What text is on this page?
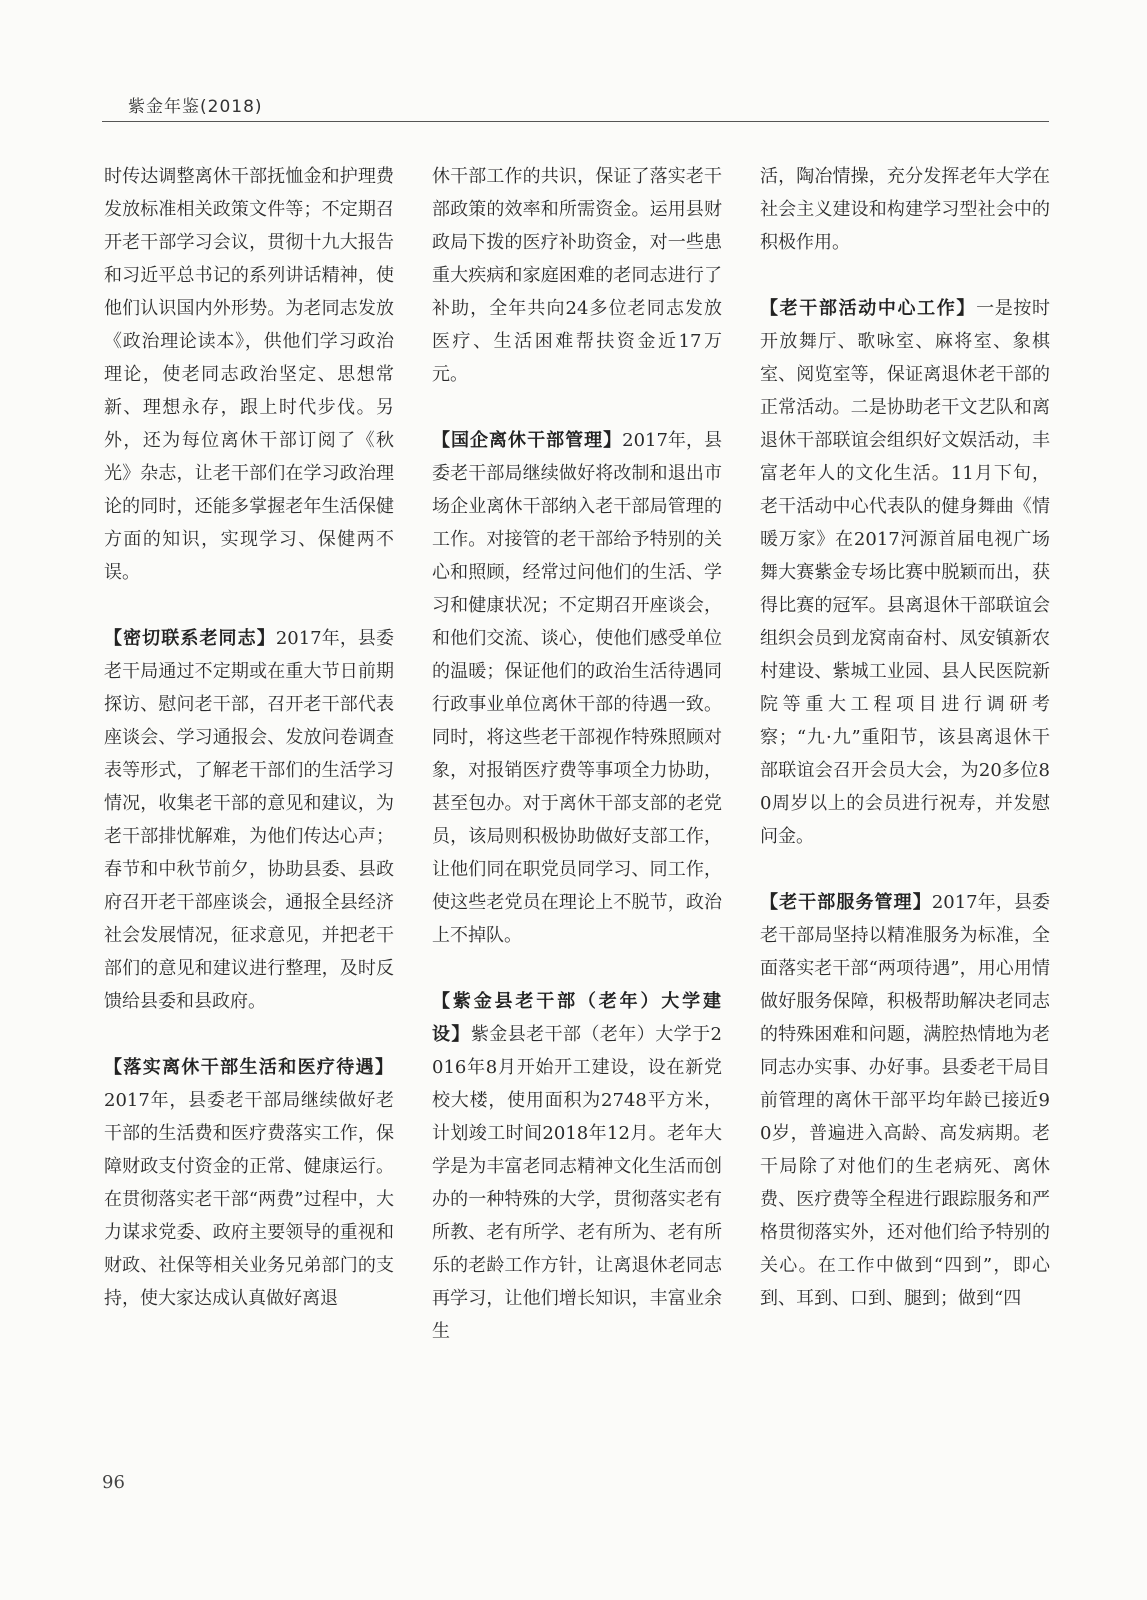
紫金年鉴(2018)

时传达调整离休干部抚恤金和护理费发放标准相关政策文件等；不定期召开老干部学习会议，贯彻十九大报告和习近平总书记的系列讲话精神，使他们认识国内外形势。为老同志发放《政治理论读本》，供他们学习政治理论，使老同志政治坚定、思想常新、理想永存，跟上时代步伐。另外，还为每位离休干部订阅了《秋光》杂志，让老干部们在学习政治理论的同时，还能多掌握老年生活保健方面的知识，实现学习、保健两不误。

【密切联系老同志】2017年，县委老干局通过不定期或在重大节日前期探访、慰问老干部，召开老干部代表座谈会、学习通报会、发放问卷调查表等形式，了解老干部们的生活学习情况，收集老干部的意见和建议，为老干部排忧解难，为他们传达心声；春节和中秋节前夕，协助县委、县政府召开老干部座谈会，通报全县经济社会发展情况，征求意见，并把老干部们的意见和建议进行整理，及时反馈给县委和县政府。

【落实离休干部生活和医疗待遇】2017年，县委老干部局继续做好老干部的生活费和医疗费落实工作，保障财政支付资金的正常、健康运行。在贯彻落实老干部“两费”过程中，大力谋求党委、政府主要领导的重视和财政、社保等相关业务兄弟部门的支持，使大家达成认真做好离退

休干部工作的共识，保证了落实老干部政策的效率和所需资金。运用县财政局下拨的医疗补助资金，对一些患重大疾病和家庭困难的老同志进行了补助，全年共向24多位老同志发放医疗、生活困难帮扶资金近17万元。

【国企离休干部管理】2017年，县委老干部局继续做好将改制和退出市场企业离休干部纳入老干部局管理的工作。对接管的老干部给予特别的关心和照顾，经常过问他们的生活、学习和健康状况；不定期召开座谈会，和他们交流、谈心，使他们感受单位的温暖；保证他们的政治生活待遇同行政事业单位离休干部的待遇一致。同时，将这些老干部视作特殊照顾对象，对报销医疗费等事项全力协助，甚至包办。对于离休干部支部的老党员，该局则积极协助做好支部工作，让他们同在职党员同学习、同工作，使这些老党员在理论上不脱节，政治上不掉队。

【紫金县老干部（老年）大学建设】紫金县老干部（老年）大学于2016年8月开始开工建设，设在新党校大楼，使用面积为2748平方米，计划竣工时间2018年12月。老年大学是为丰富老同志精神文化生活而创办的一种特殊的大学，贯彻落实老有所教、老有所学、老有所为、老有所乐的老龄工作方针，让离退休老同志再学习，让他们增长知识，丰富业余生

活，陶冶情操，充分发挥老年大学在社会主义建设和构建学习型社会中的积极作用。

【老干部活动中心工作】一是按时开放舞厅、歌咏室、麻将室、象棋室、阅览室等，保证离退休老干部的正常活动。二是协助老干文艺队和离退休干部联谊会组织好文娱活动，丰富老年人的文化生活。11月下旬，老干活动中心代表队的健身舞曲《情暖万家》在2017河源首届电视广场舞大赛紫金专场比赛中脱颖而出，获得比赛的冠军。县离退休干部联谊会组织会员到龙窝南奋村、凤安镇新农村建设、紫城工业园、县人民医院新院等重大工程项目进行调研考察；“九·九”重阳节，该县离退休干部联谊会召开会员大会，为20多位80周岁以上的会员进行祝寿，并发慰问金。

【老干部服务管理】2017年，县委老干部局坚持以精准服务为标准，全面落实老干部“两项待遇”，用心用情做好服务保障，积极帮助解决老同志的特殊困难和问题，满腔热情地为老同志办实事、办好事。县委老干局目前管理的离休干部平均年龄已接近90岁，普遍进入高龄、高发病期。老干局除了对他们的生老病死、离休费、医疗费等全程进行跟踪服务和严格贯彻落实外，还对他们给予特别的关心。在工作中做到“四到”，即心到、耳到、口到、腿到；做到“四

96
